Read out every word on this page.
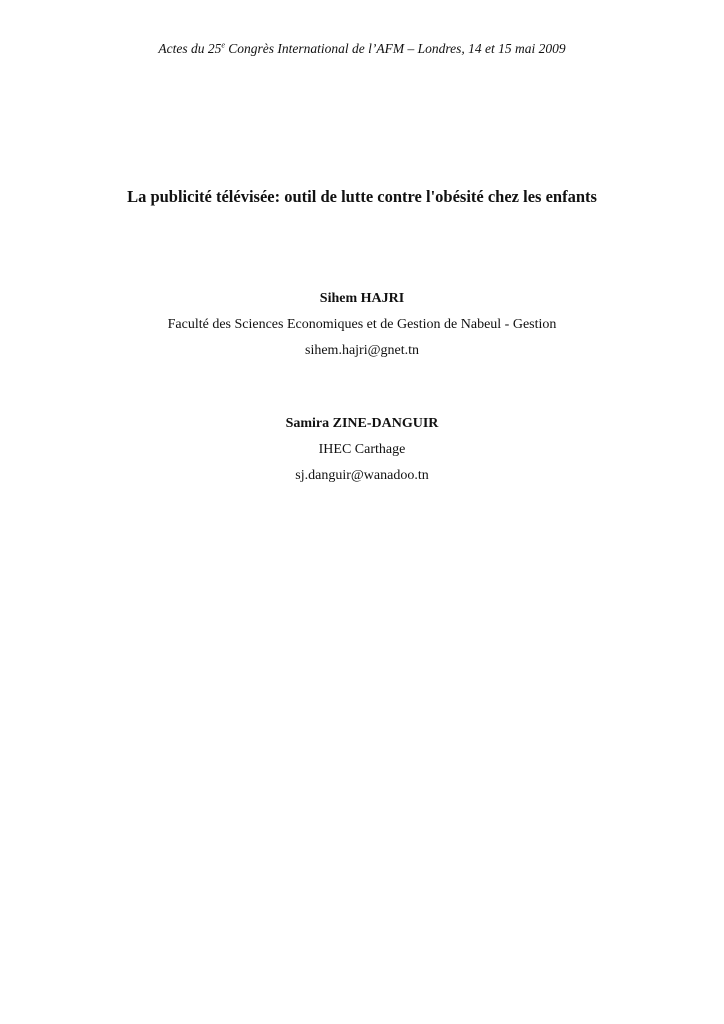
Actes du 25e Congrès International de l’AFM – Londres, 14 et 15 mai 2009
La publicité télévisée: outil de lutte contre l'obésité chez les enfants
Sihem HAJRI
Faculté des Sciences Economiques et de Gestion de Nabeul - Gestion
sihem.hajri@gnet.tn
Samira ZINE-DANGUIR
IHEC Carthage
sj.danguir@wanadoo.tn
